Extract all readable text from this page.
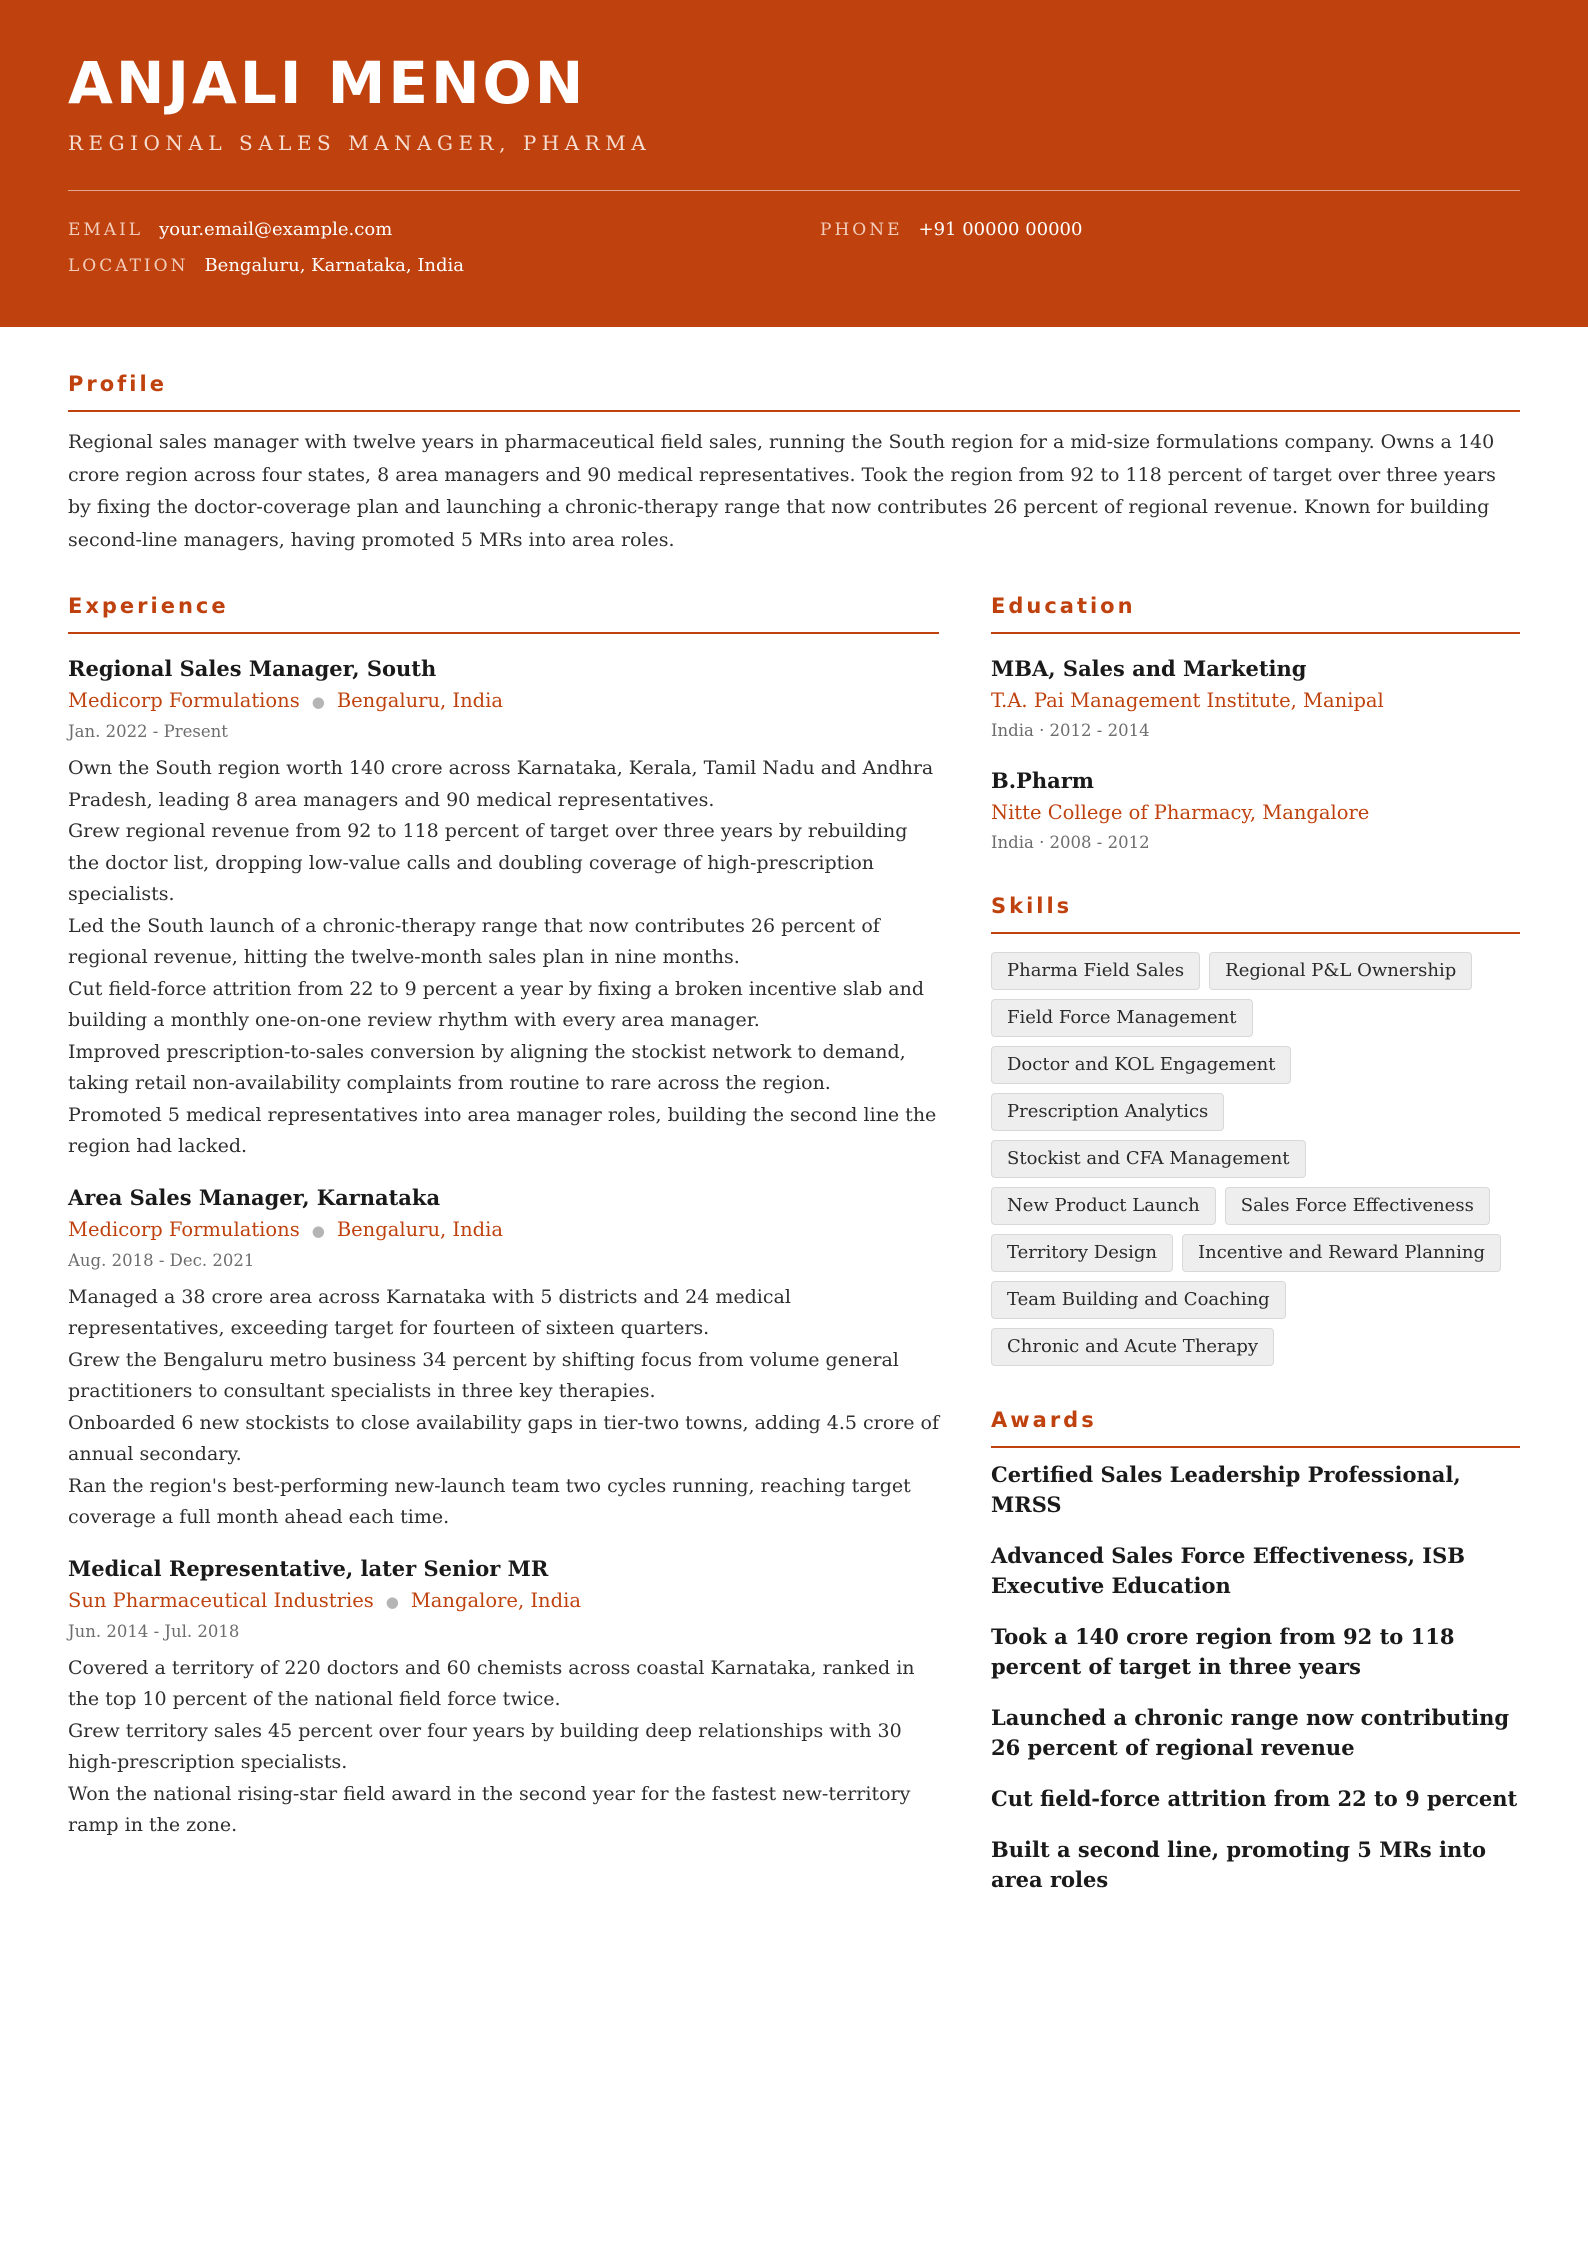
ANJALI MENON
REGIONAL SALES MANAGER, PHARMA
EMAIL your.email@example.com	PHONE +91 00000 00000
LOCATION Bengaluru, Karnataka, India
Profile

Regional sales manager with twelve years in pharmaceutical field sales, running the South region for a mid-size formulations company. Owns a 140 crore region across four states, 8 area managers and 90 medical representatives. Took the region from 92 to 118 percent of target over three years by fixing the doctor-coverage plan and launching a chronic-therapy range that now contributes 26 percent of regional revenue. Known for building second-line managers, having promoted 5 MRs into area roles.

Experience
Regional Sales Manager, South
Medicorp Formulations ● Bengaluru, India
Jan. 2022 - Present
Own the South region worth 140 crore across Karnataka, Kerala, Tamil Nadu and Andhra Pradesh, leading 8 area managers and 90 medical representatives.
Grew regional revenue from 92 to 118 percent of target over three years by rebuilding the doctor list, dropping low-value calls and doubling coverage of high-prescription specialists.
Led the South launch of a chronic-therapy range that now contributes 26 percent of regional revenue, hitting the twelve-month sales plan in nine months.
Cut field-force attrition from 22 to 9 percent a year by fixing a broken incentive slab and building a monthly one-on-one review rhythm with every area manager.
Improved prescription-to-sales conversion by aligning the stockist network to demand, taking retail non-availability complaints from routine to rare across the region.
Promoted 5 medical representatives into area manager roles, building the second line the region had lacked.
Area Sales Manager, Karnataka
Medicorp Formulations ● Bengaluru, India
Aug. 2018 - Dec. 2021
Managed a 38 crore area across Karnataka with 5 districts and 24 medical representatives, exceeding target for fourteen of sixteen quarters.
Grew the Bengaluru metro business 34 percent by shifting focus from volume general practitioners to consultant specialists in three key therapies.
Onboarded 6 new stockists to close availability gaps in tier-two towns, adding 4.5 crore of annual secondary.
Ran the region's best-performing new-launch team two cycles running, reaching target coverage a full month ahead each time.
Medical Representative, later Senior MR
Sun Pharmaceutical Industries ● Mangalore, India
Jun. 2014 - Jul. 2018
Covered a territory of 220 doctors and 60 chemists across coastal Karnataka, ranked in the top 10 percent of the national field force twice.
Grew territory sales 45 percent over four years by building deep relationships with 30 high-prescription specialists.
Won the national rising-star field award in the second year for the fastest new-territory ramp in the zone.
Education
MBA, Sales and Marketing
T.A. Pai Management Institute, Manipal
India · 2012 - 2014
B.Pharm
Nitte College of Pharmacy, Mangalore
India · 2008 - 2012
Skills
Pharma Field Sales	Regional P&L Ownership
Field Force Management
Doctor and KOL Engagement
Prescription Analytics
Stockist and CFA Management
New Product Launch	Sales Force Effectiveness
Territory Design	Incentive and Reward Planning
Team Building and Coaching
Chronic and Acute Therapy
Awards
Certified Sales Leadership Professional, MRSS
Advanced Sales Force Effectiveness, ISB Executive Education
Took a 140 crore region from 92 to 118 percent of target in three years
Launched a chronic range now contributing 26 percent of regional revenue
Cut field-force attrition from 22 to 9 percent
Built a second line, promoting 5 MRs into area roles
